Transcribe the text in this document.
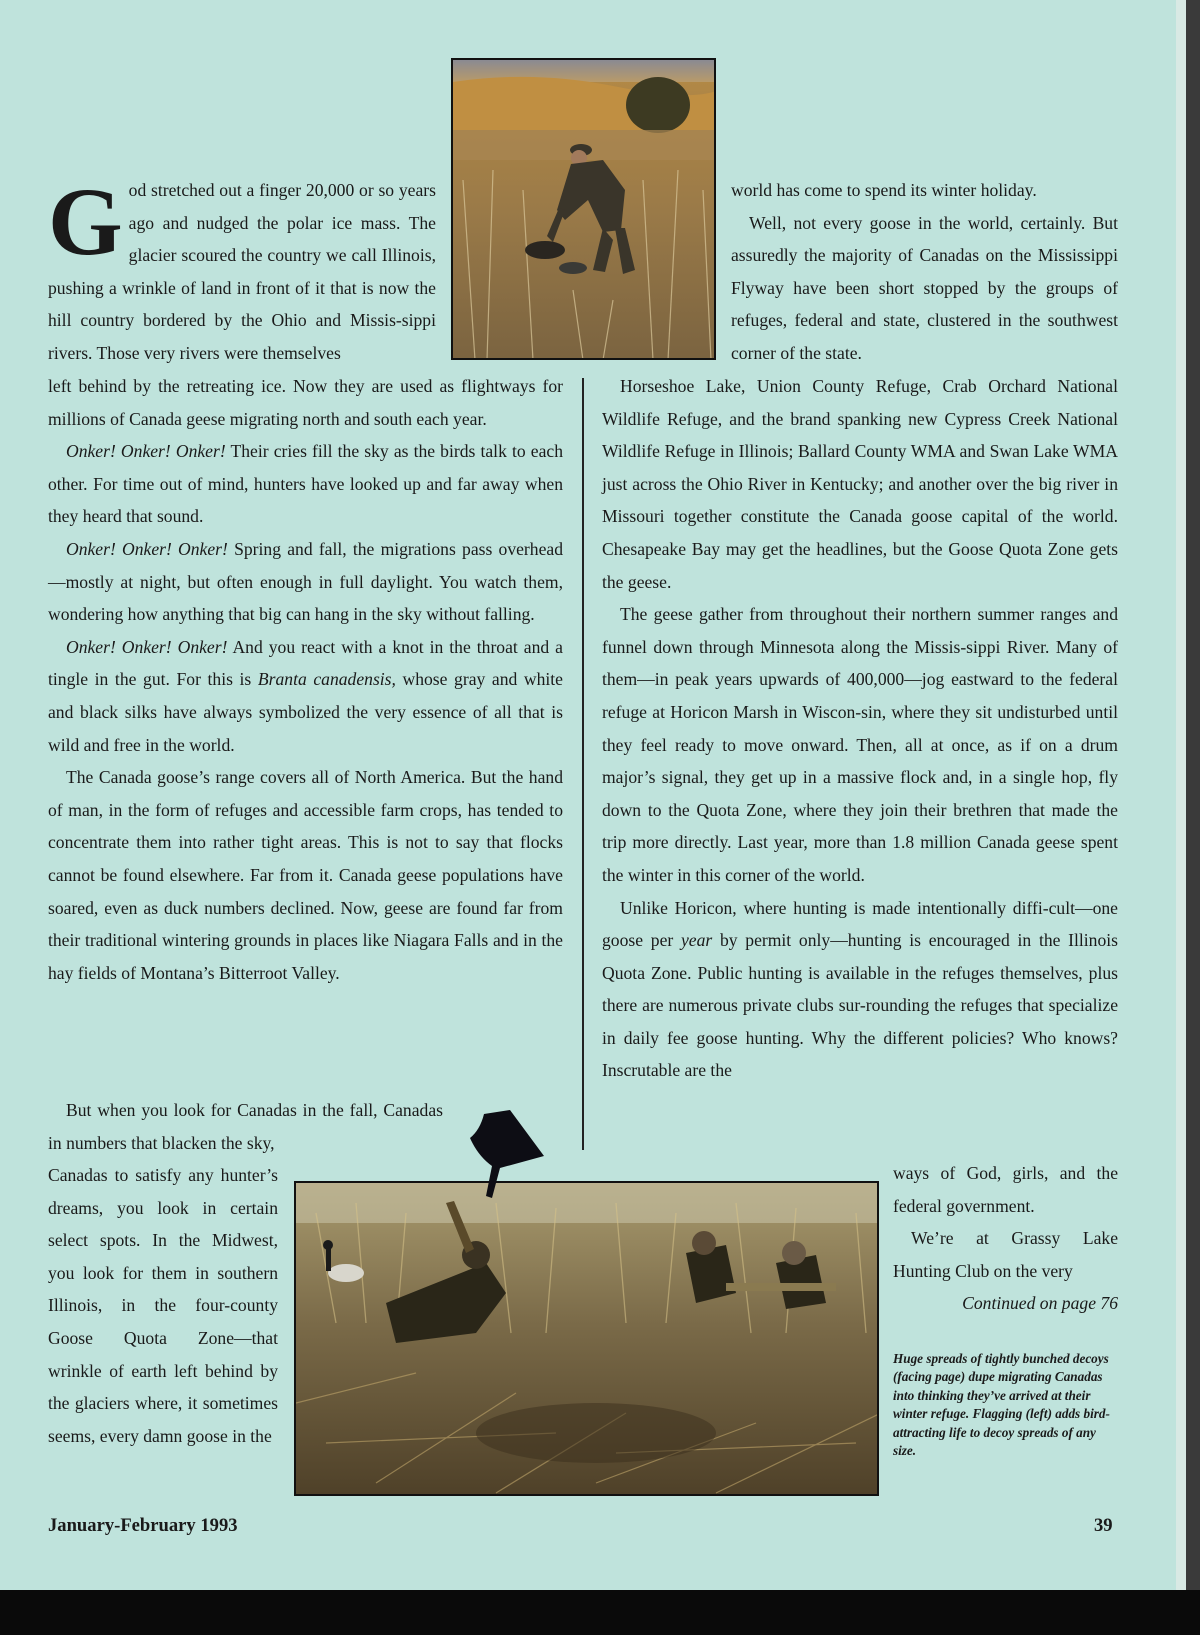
God stretched out a finger 20,000 or so years ago and nudged the polar ice mass. The glacier scoured the country we call Illinois, pushing a wrinkle of land in front of it that is now the hill country bordered by the Ohio and Missis-sippi rivers. Those very rivers were themselves

left behind by the retreating ice. Now they are used as flightways for millions of Canada geese migrating north and south each year.

Onker! Onker! Onker! Their cries fill the sky as the birds talk to each other. For time out of mind, hunters have looked up and far away when they heard that sound.

Onker! Onker! Onker! Spring and fall, the migrations pass overhead—mostly at night, but often enough in full daylight. You watch them, wondering how anything that big can hang in the sky without falling.

Onker! Onker! Onker! And you react with a knot in the throat and a tingle in the gut. For this is Branta canadensis, whose gray and white and black silks have always symbolized the very essence of all that is wild and free in the world.

The Canada goose’s range covers all of North America. But the hand of man, in the form of refuges and accessible farm crops, has tended to concentrate them into rather tight areas. This is not to say that flocks cannot be found elsewhere. Far from it. Canada geese populations have soared, even as duck numbers declined. Now, geese are found far from their traditional wintering grounds in places like Niagara Falls and in the hay fields of Montana’s Bitterroot Valley.

But when you look for Canadas in the fall, Canadas in numbers that blacken the sky,

Canadas to satisfy any hunter’s dreams, you look in certain select spots. In the Midwest, you look for them in southern Illinois, in the four-county Goose Quota Zone—that wrinkle of earth left behind by the glaciers where, it sometimes seems, every damn goose in the

world has come to spend its winter holiday.

Well, not every goose in the world, certainly. But assuredly the majority of Canadas on the Mississippi Flyway have been short stopped by the groups of refuges, federal and state, clustered in the southwest corner of the state.

Horseshoe Lake, Union County Refuge, Crab Orchard National Wildlife Refuge, and the brand spanking new Cypress Creek National Wildlife Refuge in Illinois; Ballard County WMA and Swan Lake WMA just across the Ohio River in Kentucky; and another over the big river in Missouri together constitute the Canada goose capital of the world. Chesapeake Bay may get the headlines, but the Goose Quota Zone gets the geese.

The geese gather from throughout their northern summer ranges and funnel down through Minnesota along the Missis-sippi River. Many of them—in peak years upwards of 400,000—jog eastward to the federal refuge at Horicon Marsh in Wiscon-sin, where they sit undisturbed until they feel ready to move onward. Then, all at once, as if on a drum major’s signal, they get up in a massive flock and, in a single hop, fly down to the Quota Zone, where they join their brethren that made the trip more directly. Last year, more than 1.8 million Canada geese spent the winter in this corner of the world.

Unlike Horicon, where hunting is made intentionally diffi-cult—one goose per year by permit only—hunting is encouraged in the Illinois Quota Zone. Public hunting is available in the refuges themselves, plus there are numerous private clubs sur-rounding the refuges that specialize in daily fee goose hunting. Why the different policies? Who knows? Inscrutable are the

ways of God, girls, and the federal government.

We’re at Grassy Lake Hunting Club on the very

Continued on page 76

Huge spreads of tightly bunched decoys (facing page) dupe migrating Canadas into thinking they’ve arrived at their winter refuge. Flagging (left) adds bird-attracting life to decoy spreads of any size.
January-February 1993	39
